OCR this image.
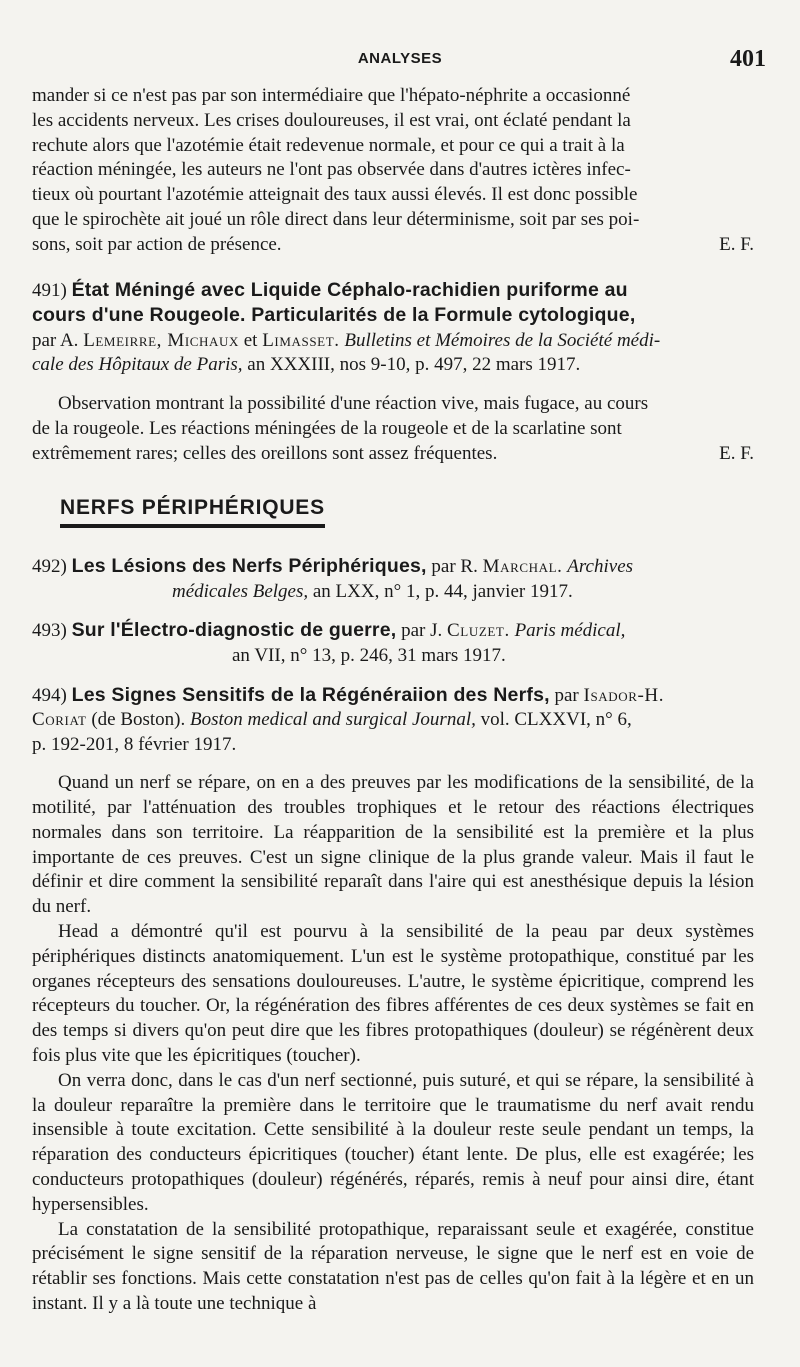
ANALYSES	401

mander si ce n'est pas par son intermédiaire que l'hépato-néphrite a occasionné

les accidents nerveux. Les crises douloureuses, il est vrai, ont éclaté pendant la

rechute alors que l'azotémie était redevenue normale, et pour ce qui a trait à la

réaction méningée, les auteurs ne l'ont pas observée dans d'autres ictères infec-

tieux où pourtant l'azotémie atteignait des taux aussi élevés. Il est donc possible

que le spirochète ait joué un rôle direct dans leur déterminisme, soit par ses poi-

sons, soit par action de présence.	E. F.

491) État Méningé avec Liquide Céphalo-rachidien puriforme au
cours d'une Rougeole. Particularités de la Formule cytologique,
par A. Lemeirre, Michaux et Limasset. Bulletins et Mémoires de la Société médi-
cale des Hôpitaux de Paris, an XXXIII, nos 9-10, p. 497, 22 mars 1917.

Observation montrant la possibilité d'une réaction vive, mais fugace, au cours

de la rougeole. Les réactions méningées de la rougeole et de la scarlatine sont

extrêmement rares; celles des oreillons sont assez fréquentes.	E. F.

NERFS PÉRIPHÉRIQUES
492) Les Lésions des Nerfs Périphériques, par R. Marchal. Archives
médicales Belges, an LXX, n° 1, p. 44, janvier 1917.
493) Sur l'Électro-diagnostic de guerre, par J. Cluzet. Paris médical,
an VII, n° 13, p. 246, 31 mars 1917.
494) Les Signes Sensitifs de la Régénéraiion des Nerfs, par Isador-H.
Coriat (de Boston). Boston medical and surgical Journal, vol. CLXXVI, n° 6,
p. 192-201, 8 février 1917.

Quand un nerf se répare, on en a des preuves par les modifications de la sensibilité, de la motilité, par l'atténuation des troubles trophiques et le retour des réactions électriques normales dans son territoire. La réapparition de la sensibilité est la première et la plus importante de ces preuves. C'est un signe clinique de la plus grande valeur. Mais il faut le définir et dire comment la sensibilité reparaît dans l'aire qui est anesthésique depuis la lésion du nerf.

Head a démontré qu'il est pourvu à la sensibilité de la peau par deux systèmes périphériques distincts anatomiquement. L'un est le système protopathique, constitué par les organes récepteurs des sensations douloureuses. L'autre, le système épicritique, comprend les récepteurs du toucher. Or, la régénération des fibres afférentes de ces deux systèmes se fait en des temps si divers qu'on peut dire que les fibres protopathiques (douleur) se régénèrent deux fois plus vite que les épicritiques (toucher).

On verra donc, dans le cas d'un nerf sectionné, puis suturé, et qui se répare, la sensibilité à la douleur reparaître la première dans le territoire que le traumatisme du nerf avait rendu insensible à toute excitation. Cette sensibilité à la douleur reste seule pendant un temps, la réparation des conducteurs épicritiques (toucher) étant lente. De plus, elle est exagérée; les conducteurs protopathiques (douleur) régénérés, réparés, remis à neuf pour ainsi dire, étant hypersensibles.

La constatation de la sensibilité protopathique, reparaissant seule et exagérée, constitue précisément le signe sensitif de la réparation nerveuse, le signe que le nerf est en voie de rétablir ses fonctions. Mais cette constatation n'est pas de celles qu'on fait à la légère et en un instant. Il y a là toute une technique à
